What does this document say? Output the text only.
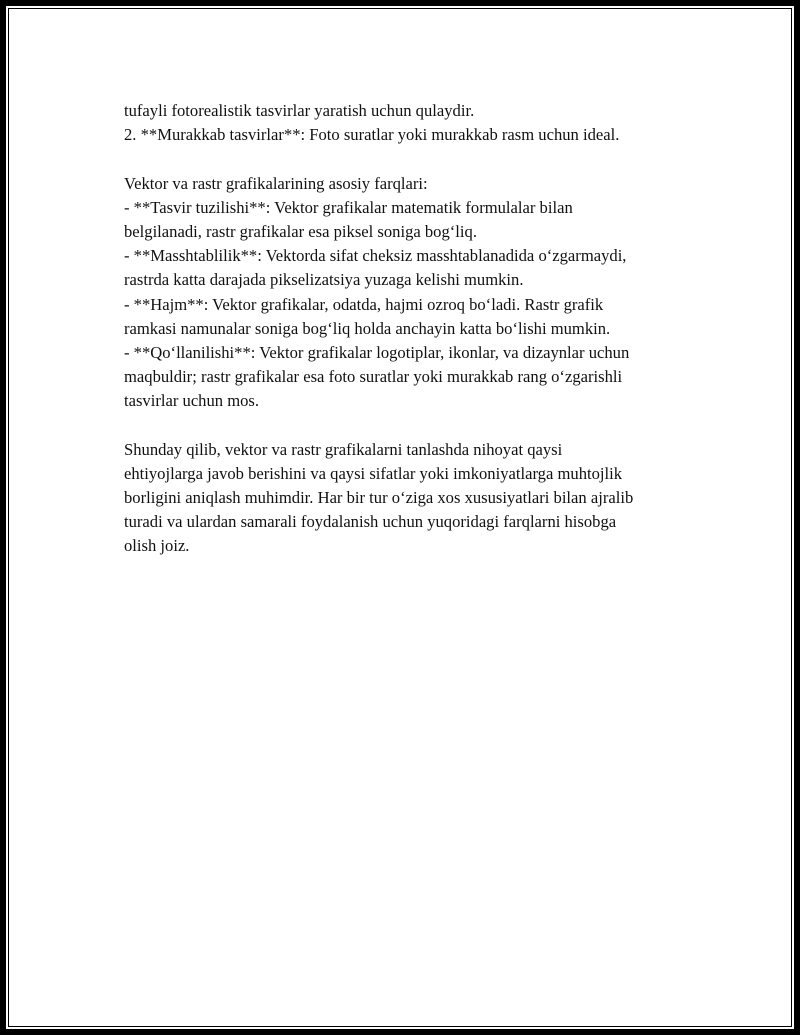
tufayli fotorealistik tasvirlar yaratish uchun qulaydir.
2. **Murakkab tasvirlar**: Foto suratlar yoki murakkab rasm uchun ideal.
Vektor va rastr grafikalarining asosiy farqlari:
- **Tasvir tuzilishi**: Vektor grafikalar matematik formulalar bilan
belgilanadi, rastr grafikalar esa piksel soniga bog‘liq.
- **Masshtablilik**: Vektorda sifat cheksiz masshtablanadida o‘zgarmaydi,
rastrda katta darajada pikselizatsiya yuzaga kelishi mumkin.
- **Hajm**: Vektor grafikalar, odatda, hajmi ozroq bo‘ladi. Rastr grafik
ramkasi namunalar soniga bog‘liq holda anchayin katta bo‘lishi mumkin.
- **Qo‘llanilishi**: Vektor grafikalar logotiplar, ikonlar, va dizaynlar uchun
maqbuldir; rastr grafikalar esa foto suratlar yoki murakkab rang o‘zgarishli
tasvirlar uchun mos.
Shunday qilib, vektor va rastr grafikalarni tanlashda nihoyat qaysi
ehtiyojlarga javob berishini va qaysi sifatlar yoki imkoniyatlarga muhtojlik
borligini aniqlash muhimdir. Har bir tur o‘ziga xos xususiyatlari bilan ajralib
turadi va ulardan samarali foydalanish uchun yuqoridagi farqlarni hisobga
olish joiz.
